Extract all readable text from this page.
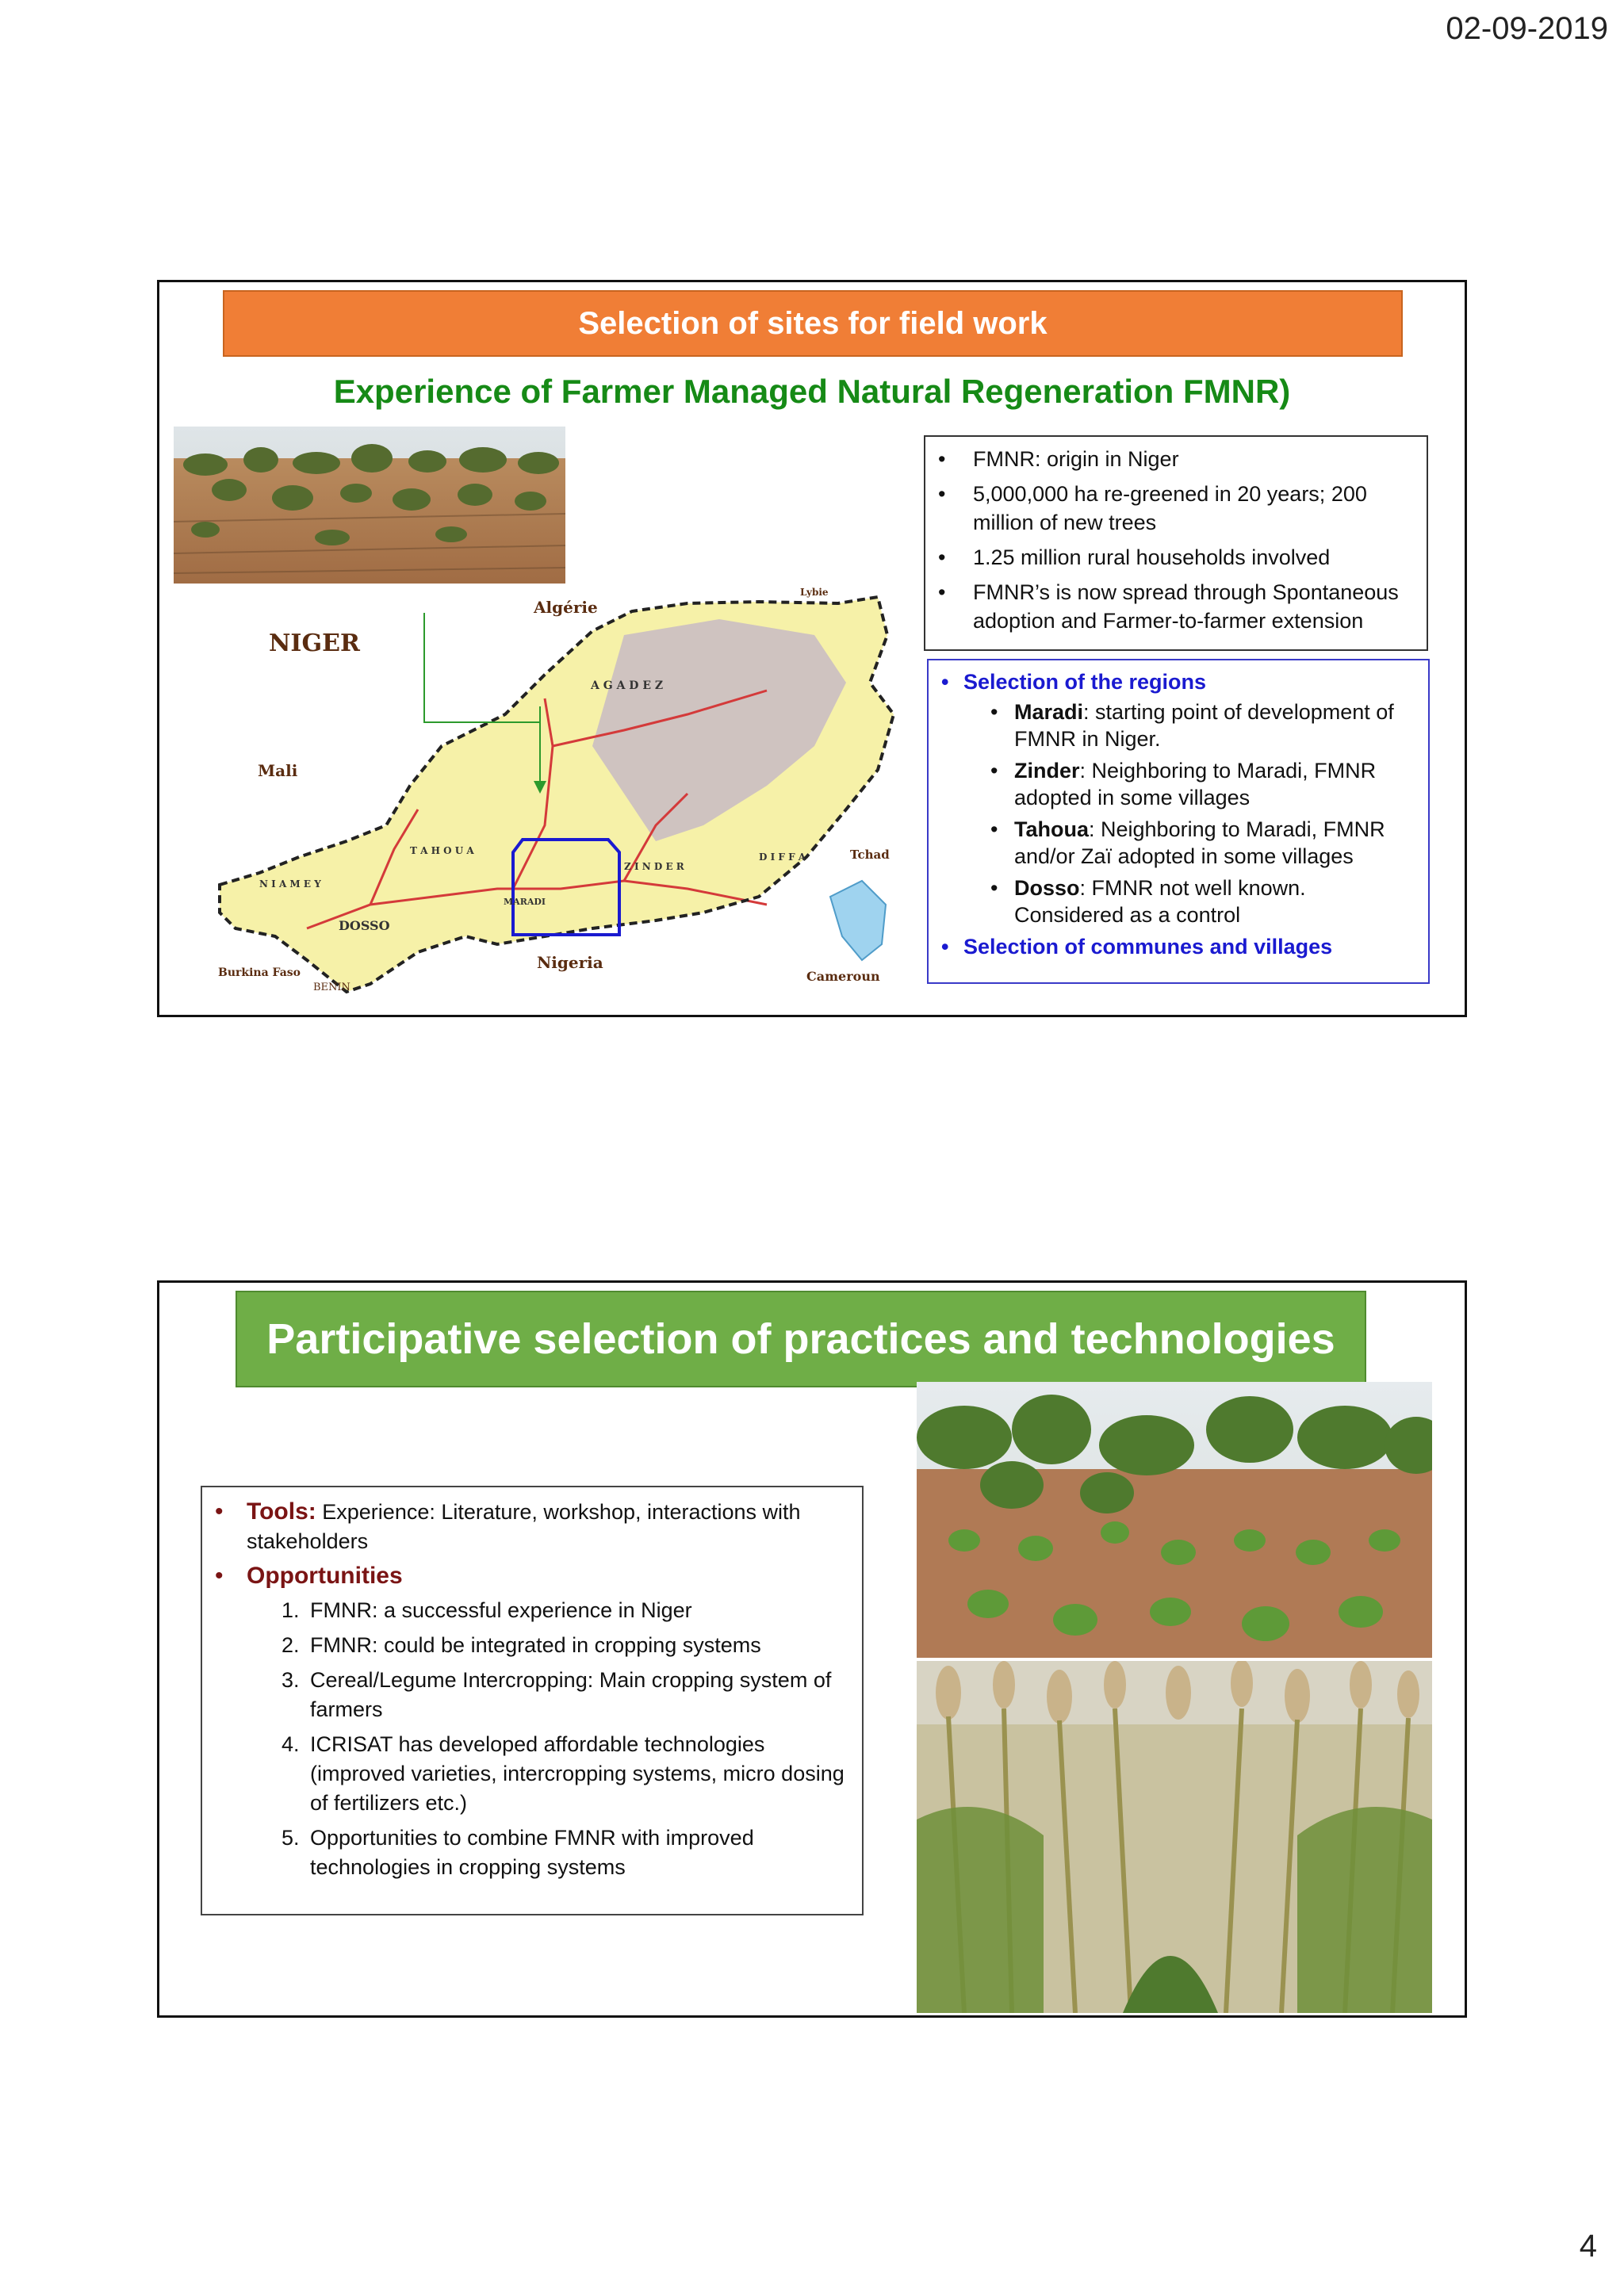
02-09-2019
Selection of sites for field work
Experience of Farmer Managed Natural Regeneration FMNR)
NIGER
Algérie
Mali
Nigeria
Tchad
Burkina Faso
BENIN
Cameroun
Lybie
A G A D E Z
Z I N D E R
D I F F A
T A H O U A
N I A M E Y
DOSSO
MARADI
• FMNR: origin in Niger
• 5,000,000 ha re-greened in 20 years; 200 million of new trees
• 1.25 million rural households involved
• FMNR’s is now spread through Spontaneous adoption and Farmer-to-farmer extension
• Selection of the regions
• Maradi: starting point of development of FMNR in Niger.
• Zinder: Neighboring to Maradi, FMNR adopted in some villages
• Tahoua: Neighboring to Maradi, FMNR and/or Zaï adopted in some villages
• Dosso: FMNR not well known. Considered as a control
• Selection of communes and villages
Participative selection of practices and technologies
• Tools: Experience: Literature, workshop, interactions with stakeholders
• Opportunities
1. FMNR: a successful experience in Niger
2. FMNR: could be integrated in cropping systems
3. Cereal/Legume Intercropping: Main cropping system of farmers
4. ICRISAT has developed affordable technologies (improved varieties, intercropping systems, micro dosing of fertilizers etc.)
5. Opportunities to combine FMNR with improved technologies in cropping systems
4
